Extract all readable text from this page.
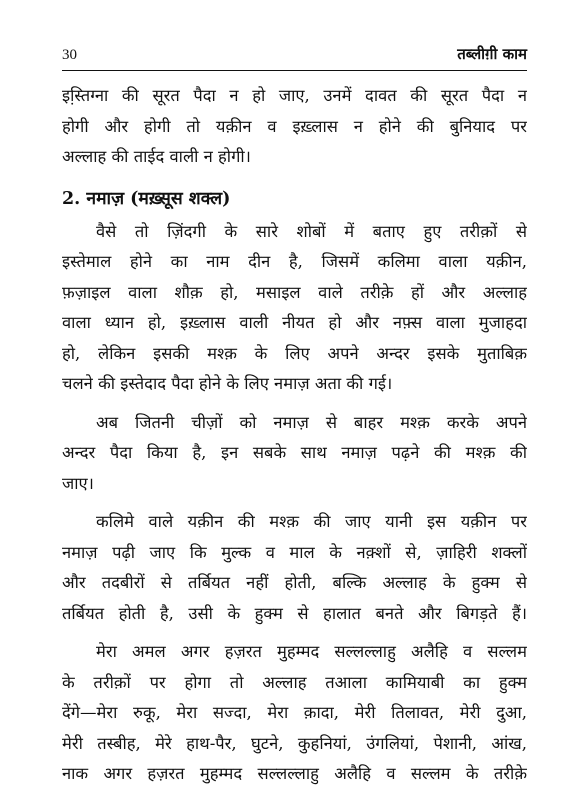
30	तब्लीग़ी काम

इस्ति़ग्ना की सूरत पैदा न हो जाए, उनमें दावत की सूरत पैदा न
होगी और होगी तो यक़ीन व इख़्लास न होने की बुनियाद पर
अल्लाह की ताईद वाली न होगी।

2. नमाज़ (मख़्सूस शक्ल)

वैसे तो ज़िंदगी के सारे शोबों में बताए हुए तरीक़ों से
इस्तेमाल होने का नाम दीन है, जिसमें कलिमा वाला यक़ीन,
फ़ज़ाइल वाला शौक़ हो, मसाइल वाले तरीक़े हों और अल्लाह
वाला ध्यान हो, इख़्लास वाली नीयत हो और नफ़्स वाला मुजाहदा
हो, लेकिन इसकी मश्क़ के लिए अपने अन्दर इसके मुताबिक़
चलने की इस्तेदाद पैदा होने के लिए नमाज़ अता की गई।

अब जितनी चीज़ों को नमाज़ से बाहर मश्क़ करके अपने
अन्दर पैदा किया है, इन सबके साथ नमाज़ पढ़ने की मश्क़ की
जाए।

कलिमे वाले यक़ीन की मश्क़ की जाए यानी इस यक़ीन पर
नमाज़ पढ़ी जाए कि मुल्क व माल के नक़्शों से, ज़ाहिरी शक्लों
और तदबीरों से तर्बियत नहीं होती, बल्कि अल्लाह के हुक्म से
तर्बियत होती है, उसी के हुक्म से हालात बनते और बिगड़ते हैं।

मेरा अमल अगर हज़रत मुहम्मद सल्लल्लाहु अलैहि व सल्लम
के तरीक़ों पर होगा तो अल्लाह तआला कामियाबी का हुक्म
देंगे—मेरा रुकू, मेरा सज्दा, मेरा क़ादा, मेरी तिलावत, मेरी दुआ,
मेरी तस्बीह, मेरे हाथ-पैर, घुटने, कुहनियां, उंगलियां, पेशानी, आंख,
नाक अगर हज़रत मुहम्मद सल्लल्लाहु अलैहि व सल्लम के तरीक़े
